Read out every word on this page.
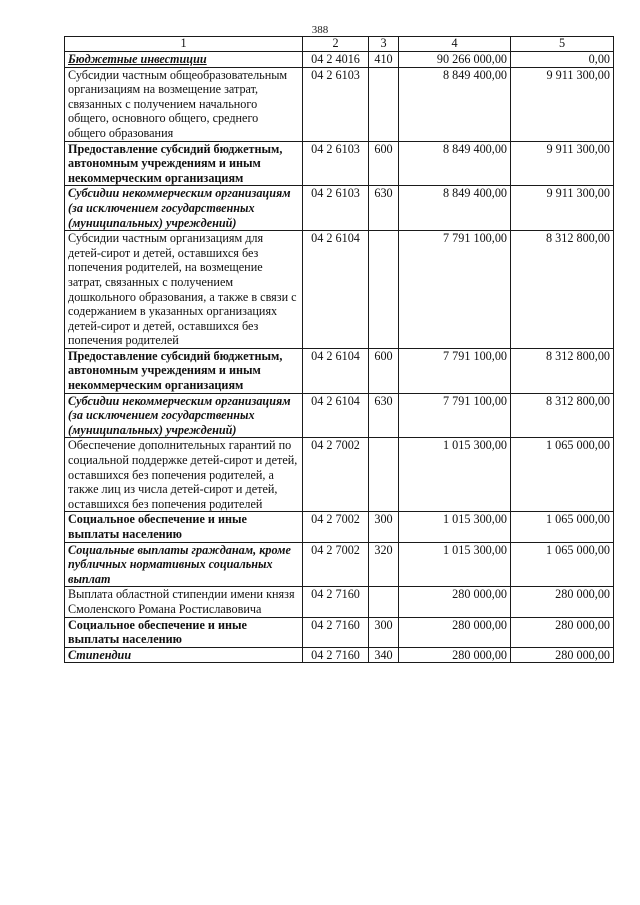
388
1	2	3	4	5
Бюджетные инвестиции	04 2 4016	410	90 266 000,00	0,00
Субсидии частным общеобразовательным организациям на возмещение затрат, связанных с получением начального общего, основного общего, среднего общего образования	04 2 6103		8 849 400,00	9 911 300,00
Предоставление субсидий бюджетным, автономным учреждениям и иным некоммерческим организациям	04 2 6103	600	8 849 400,00	9 911 300,00
Субсидии некоммерческим организациям (за исключением государственных (муниципальных) учреждений)	04 2 6103	630	8 849 400,00	9 911 300,00
Субсидии частным организациям для детей-сирот и детей, оставшихся без попечения родителей, на возмещение затрат, связанных с получением дошкольного образования, а также в связи с содержанием в указанных организациях детей-сирот и детей, оставшихся без попечения родителей	04 2 6104		7 791 100,00	8 312 800,00
Предоставление субсидий бюджетным, автономным учреждениям и иным некоммерческим организациям	04 2 6104	600	7 791 100,00	8 312 800,00
Субсидии некоммерческим организациям (за исключением государственных (муниципальных) учреждений)	04 2 6104	630	7 791 100,00	8 312 800,00
Обеспечение дополнительных гарантий по социальной поддержке детей-сирот и детей, оставшихся без попечения родителей, а также лиц из числа детей-сирот и детей, оставшихся без попечения родителей	04 2 7002		1 015 300,00	1 065 000,00
Социальное обеспечение и иные выплаты населению	04 2 7002	300	1 015 300,00	1 065 000,00
Социальные выплаты гражданам, кроме публичных нормативных социальных выплат	04 2 7002	320	1 015 300,00	1 065 000,00
Выплата областной стипендии имени князя Смоленского Романа Ростиславовича	04 2 7160		280 000,00	280 000,00
Социальное обеспечение и иные выплаты населению	04 2 7160	300	280 000,00	280 000,00
Стипендии	04 2 7160	340	280 000,00	280 000,00
